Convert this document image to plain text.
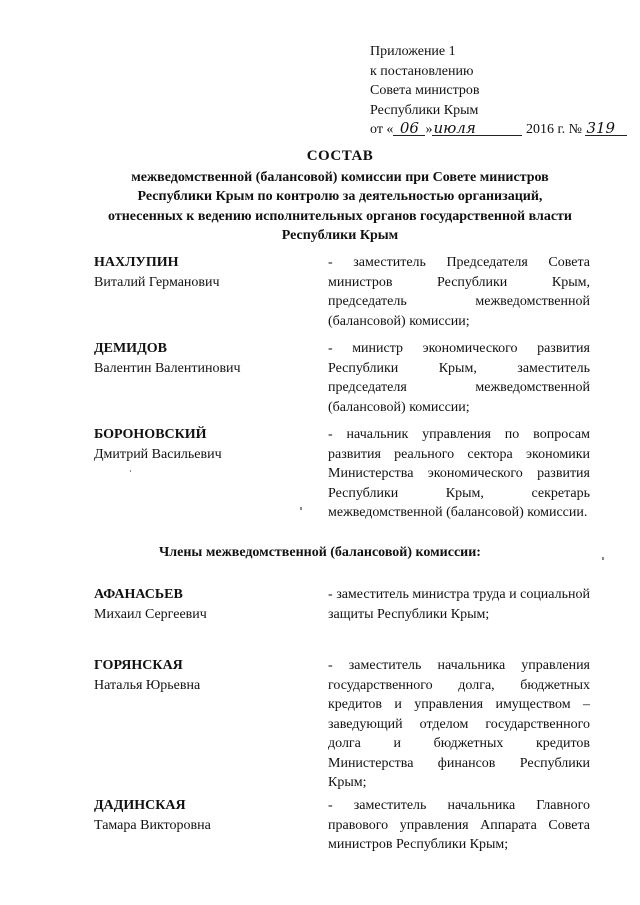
Приложение 1
к постановлению
Совета министров
Республики Крым
от « 06 »июля	2016 г. № 319
СОСТАВ
межведомственной (балансовой) комиссии при Совете министров
Республики Крым по контролю за деятельностью организаций,
отнесенных к ведению исполнительных органов государственной власти
Республики Крым
НАХЛУПИН
Виталий Германович
- заместитель Председателя Совета министров Республики Крым, председатель межведомственной (балансовой) комиссии;
ДЕМИДОВ
Валентин Валентинович
- министр экономического развития Республики Крым, заместитель председателя межведомственной (балансовой) комиссии;
БОРОНОВСКИЙ
Дмитрий Васильевич
- начальник управления по вопросам развития реального сектора экономики Министерства экономического развития Республики Крым, секретарь межведомственной (балансовой) комиссии.
Члены межведомственной (балансовой) комиссии:
АФАНАСЬЕВ
Михаил Сергеевич
- заместитель министра труда и социальной защиты Республики Крым;
ГОРЯНСКАЯ
Наталья Юрьевна
- заместитель начальника управления государственного долга, бюджетных кредитов и управления имуществом – заведующий отделом государственного долга и бюджетных кредитов Министерства финансов Республики Крым;
ДАДИНСКАЯ
Тамара Викторовна
- заместитель начальника Главного правового управления Аппарата Совета министров Республики Крым;
